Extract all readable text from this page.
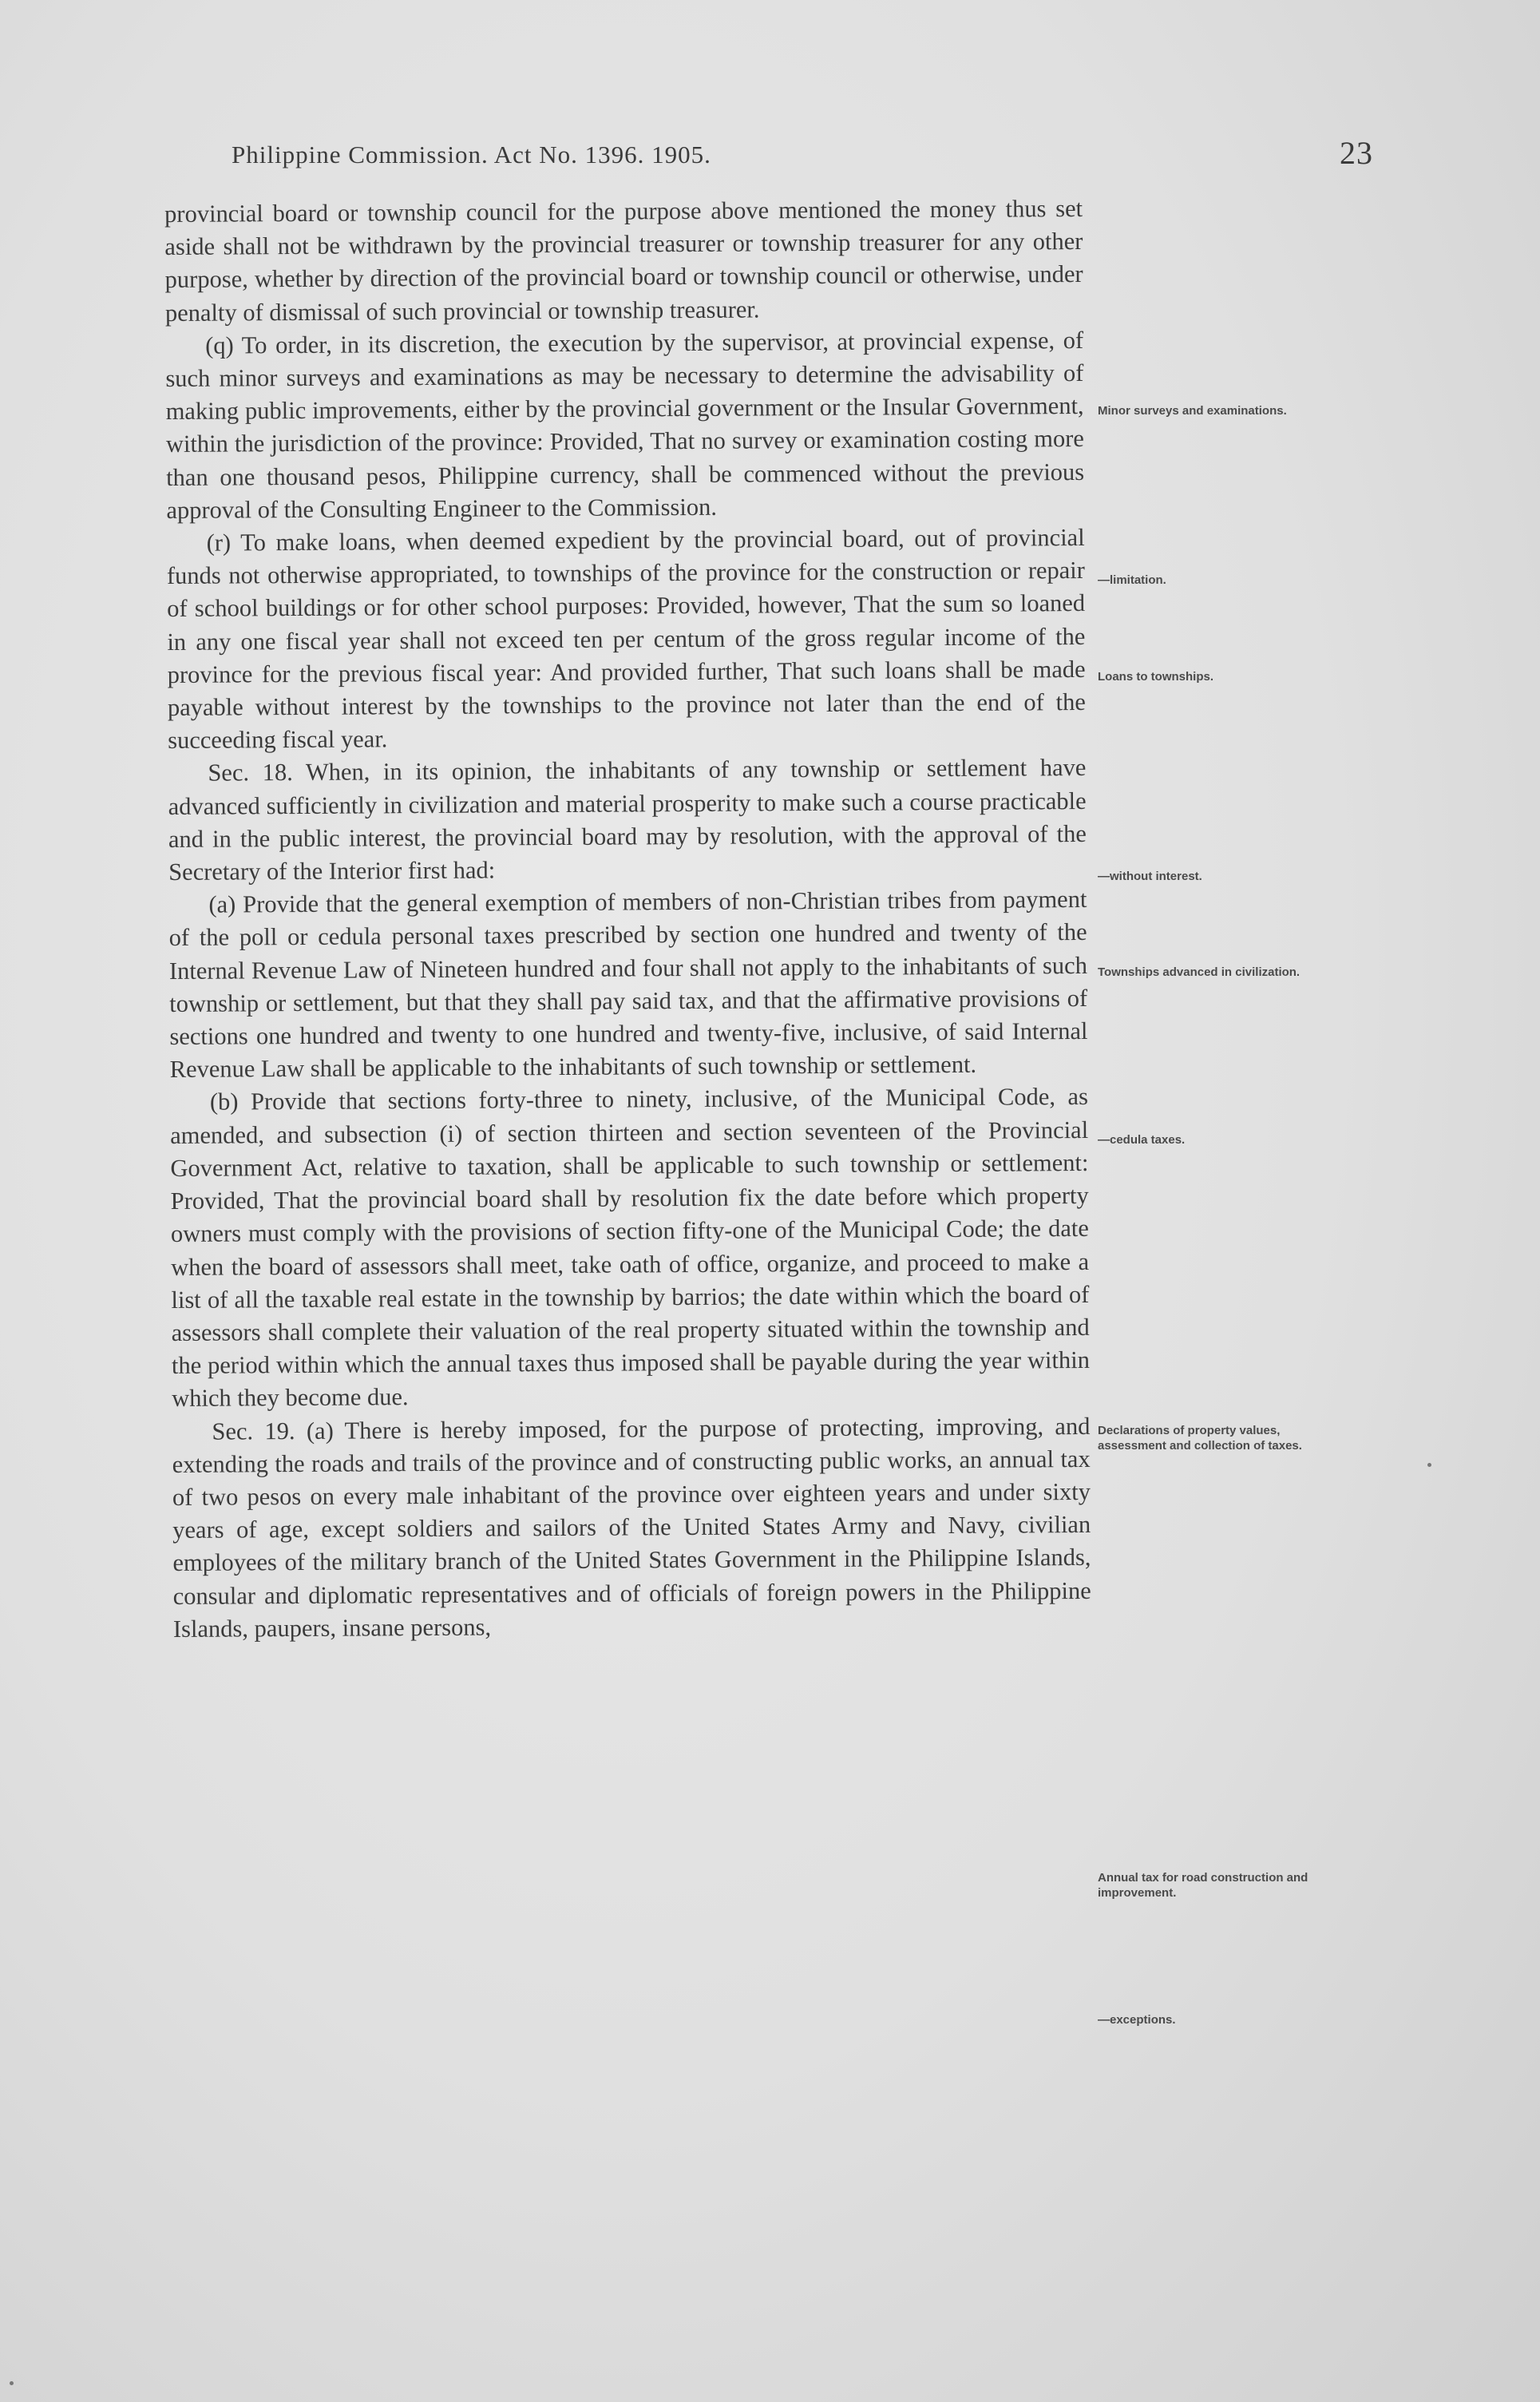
Philippine Commission. Act No. 1396. 1905.	23

provincial board or township council for the purpose above mentioned the money thus set aside shall not be withdrawn by the provincial treasurer or township treasurer for any other purpose, whether by direction of the provincial board or township council or otherwise, under penalty of dismissal of such provincial or township treasurer.

(q) To order, in its discretion, the execution by the supervisor, at provincial expense, of such minor surveys and examinations as may be necessary to determine the advisability of making public improvements, either by the provincial government or the Insular Government, within the jurisdiction of the province: Provided, That no survey or examination costing more than one thousand pesos, Philippine currency, shall be commenced without the previous approval of the Consulting Engineer to the Commission.

(r) To make loans, when deemed expedient by the provincial board, out of provincial funds not otherwise appropriated, to townships of the province for the construction or repair of school buildings or for other school purposes: Provided, however, That the sum so loaned in any one fiscal year shall not exceed ten per centum of the gross regular income of the province for the previous fiscal year: And provided further, That such loans shall be made payable without interest by the townships to the province not later than the end of the succeeding fiscal year.

Sec. 18. When, in its opinion, the inhabitants of any township or settlement have advanced sufficiently in civilization and material prosperity to make such a course practicable and in the public interest, the provincial board may by resolution, with the approval of the Secretary of the Interior first had:

(a) Provide that the general exemption of members of non-Christian tribes from payment of the poll or cedula personal taxes prescribed by section one hundred and twenty of the Internal Revenue Law of Nineteen hundred and four shall not apply to the inhabitants of such township or settlement, but that they shall pay said tax, and that the affirmative provisions of sections one hundred and twenty to one hundred and twenty-five, inclusive, of said Internal Revenue Law shall be applicable to the inhabitants of such township or settlement.

(b) Provide that sections forty-three to ninety, inclusive, of the Municipal Code, as amended, and subsection (i) of section thirteen and section seventeen of the Provincial Government Act, relative to taxation, shall be applicable to such township or settlement: Provided, That the provincial board shall by resolution fix the date before which property owners must comply with the provisions of section fifty-one of the Municipal Code; the date when the board of assessors shall meet, take oath of office, organize, and proceed to make a list of all the taxable real estate in the township by barrios; the date within which the board of assessors shall complete their valuation of the real property situated within the township and the period within which the annual taxes thus imposed shall be payable during the year within which they become due.

Sec. 19. (a) There is hereby imposed, for the purpose of protecting, improving, and extending the roads and trails of the province and of constructing public works, an annual tax of two pesos on every male inhabitant of the province over eighteen years and under sixty years of age, except soldiers and sailors of the United States Army and Navy, civilian employees of the military branch of the United States Government in the Philippine Islands, consular and diplomatic representatives and of officials of foreign powers in the Philippine Islands, paupers, insane persons,

Minor surveys and examinations.
—limitation.
Loans to townships.
—without interest.
Townships advanced in civilization.
—cedula taxes.
Declarations of property values, assessment and collection of taxes.
Annual tax for road construction and improvement.
—exceptions.
